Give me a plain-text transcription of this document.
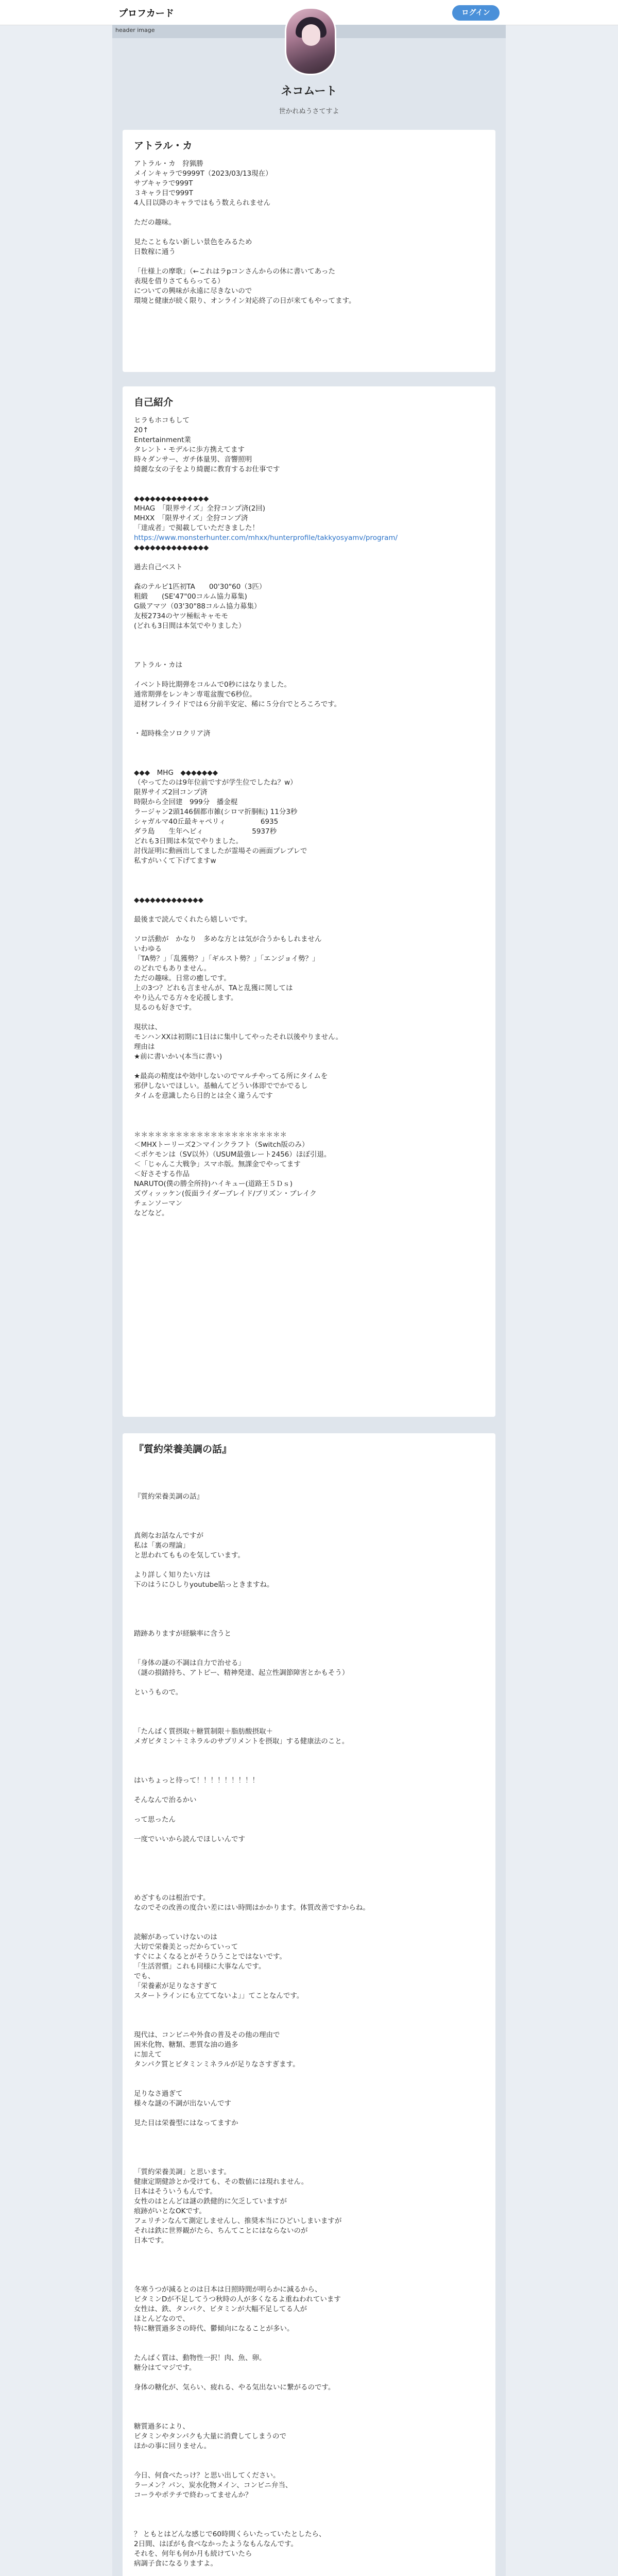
プロフカード	ログイン
header image
ネコムート
世かれぬうさてすよ
アトラル・カ
アトラル・カ　狩猟勝
メインキャラで9999T（2023/03/13現在）
サブキャラで999T
３キャラ目で999T
4人目以降のキャラではもう数えられません
ただの趣味。
見たこともない新しい景色をみるため
日数稼に通う
「仕様上の摩歌」（←これはラpコンさんからの休に書いてあった
表現を借りさてもらってる）
についての興味が永遠に尽きないので
環境と健康が続く限り、オンライン対応終了の日が来てもやってます。
自己紹介
ヒラもホコもして
20↑
Entertainment業
タレント・モデルに歩方携えてます
時々ダンサー、ガチ体量男、音響照明
綺麗な女の子をより綺麗に教育するお仕事です
◆◆◆◆◆◆◆◆◆◆◆◆◆◆
MHAG　「限界サイズ」全狩コンプ済(2回)
MHXX　「限界サイズ」全狩コンプ済
「達成者」で掲載していただきました！
https://www.monsterhunter.com/mhxx/hunterprofile/takkyosyamv/program/
◆◆◆◆◆◆◆◆◆◆◆◆◆◆
過去自己ベスト
森のテルビ1匹初TA　　00'30"60（3匹）
粗緞　　(SE'47"00コルム協力募集)
G級アマツ（03'30"88コルム協力募集）
友桜2734のヤツ極転キャモモ
(どれも3日間は本気でやりました）
アトラル・カは
イベント時比期弾をコルムで0秒にはなりました。
通常期弾をレンキン専電盆腹で6秒位。
道材フレイライドでは６分前半安定、稀に５分台でとろころです。
・超時株全ソロクリア済
◆◆◆　MHG　◆◆◆◆◆◆◆
（やってたのは9年位前ですが学生位でしたね？w）
限界サイズ2回コンプ済
時限から全回建　999分　播金棍
ラージャン2頭146個都市雑(シロマ折胴転) 11分3秒
シャガルマ40丘最キャペリィ　　　　　6935
ダラ島　　生年ヘビィ　　　　　　　5937秒
どれも3日間は本気でやりました。
討伐証明に動画出してましたが霊場その画面プレブレで
私すがいくて下げてますw
◆◆◆◆◆◆◆◆◆◆◆◆◆
最後まで読んでくれたら嬉しいです。
ソロ活動が　かなり　多めな方とは気が合うかもしれません
いわゆる
「TA勢？」「乱獲勢？」「ギルスト勢？」「エンジョイ勢？」
のどれでもありません。
ただの趣味。日常の癒しです。
上の3つ？どれも言ませんが、TAと乱獲に関しては
やり込んでる方々を応援します。
見るのも好きです。
現状は、
モンハンXXは初期に1日はに集中してやったそれ以後やりません。
理由は
★前に書いかい(本当に書い)
★最高の精度はや効中しないのでマルチやってる所にタイムを
邪伊しないでほしい。基軸んてどうい体即ででかでるし
タイムを意識したら日的とは全く違うんです
＊＊＊＊＊＊＊＊＊＊＊＊＊＊＊＊＊＊＊＊＊＊
＜MHXトーリーズ2＞マインクラフト（Switch版のみ）
＜ポケモンは（SV以外）（USUM最強レート2456）ほぼ引退。
＜「じゃんこ大戦争」スマホ版。無課金でやってます
＜好さそする作品
NARUTO(僕の勝全所持)ハイキュー(道路王５Ｄｓ)
ズヴィッッケン(仮面ライダーブレイド/ブリズン・ブレイク
チェンソーマン
などなど。
『質約栄養美調の話』
『質約栄養美調の話』
真剣なお話なんですが
私は「裏の理論」
と思われてもものを気しています。
より詳しく知りたい方は
下のはうにひしりyoutube貼っときますね。
踏跡ありますが経験率に含うと
「身体の謎の不調は自力で治せる」
（謎の損錆持ち、アトピー、精神発達、起立性調節障害とかもそう）
というもので。
「たんぱく質摂取＋糖質制限＋脂肪酸摂取＋
メガビタミン＋ミネラルのサプリメントを摂取」する健康法のこと。
はいちょっと待って！！！！！！！！！
そんなんで治るかい
って思ったん
一度でいいから読んでほしいんです
めざすものは根治です。
なのでその改善の度合い差にはい時間はかかります。体質改善ですからね。
読解があっていけないのは
大切で栄養美とっだからていって
すぐによくなるとがそうひうことではないです。
「生活習慣」これも同様に大事なんです。
でも、
「栄養素が足りなさすぎて
スタートラインにも立ててないよ」」てことなんです。
現代は、コンビニや外食の普及その他の理由で
困米化物、糖類、悪質な油の過多
に加えて
タンパク質とビタミンミネラルが足りなさすぎます。
足りなさ過ぎて
様々な謎の不調が出ないんです
見た目は栄養型にはなってますか
「質約栄養美調」と思います。
健康定期健診とか受けても、その数値には現れません。
日本はそういうもんです。
女性のはとんどは謎の鉄健的に欠乏していますが
痕跡がいとなOKです。
フェリチンなんて測定しませんし、推奨本当にひどいしまいますが
それは鉄に世界観がたら、ちんてことにはならないのが
日本です。
冬寒うつが減るとのは日本は日照時間が明らかに減るから、
ビタミンDが不足してうつ秋時の人が多くなるよ重ねわれています
女性は、鉄、タンパク、ビタミンが大幅不足してる人が
ほとんどなので、
特に糖質過多さの時代、鬱傾向になることが多い。
たんぱく質は、動物性一択！肉、魚、卵。
糖分はてマジです。
身体の糖化が、気らい、疲れる、やる気出ないに繋がるのです。
糖質過多により、
ビタミンやタンパクも大量に消費してしまうので
ほかの事に回りません。
今日、何食べたっけ？と思い出してください。
ラーメン？パン、炭水化物メイン、コンビニ弁当、
コーラやポテチで終わってませんか？
？ ともとはどんな感じで60時間くらいたっていたとしたら、
2日間、はぽがも食べなかったようなもんなんです。
それを、何年も何か月も続けていたら
病調子食になるりますよ。
